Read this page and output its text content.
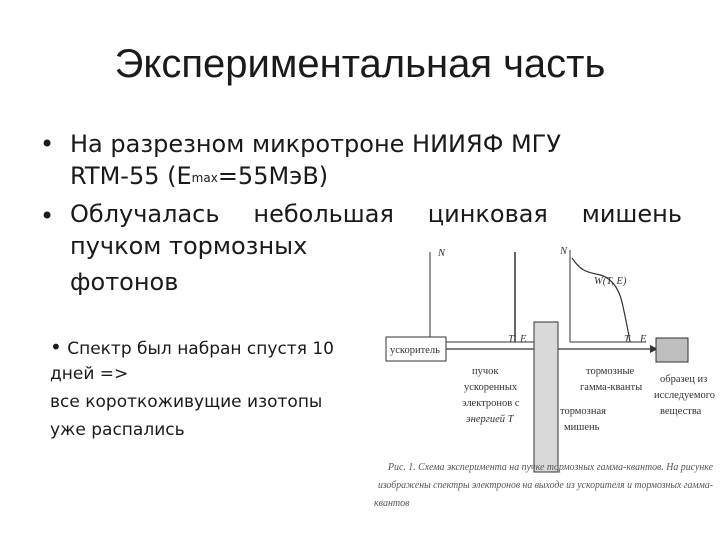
Экспериментальная часть
• На разрезном микротроне НИИЯФ МГУ
RTM-55 $(E_{max}=55МэВ)$
• Облучалась небольшая цинковая мишень
пучком тормозных
фотонов
• Спектр был набран спустя 10
дней =>
все короткоживущие изотопы
уже распались
N
T E
N
T E
W(T, E)
ускоритель
пучок
ускоренных
электронов с
энергией T
тормозная
мишень
тормозные
гамма-кванты
образец из
исследуемого
вещества
Рис. 1. Схема эксперимента на пучке тормозных гамма-квантов. На рисунке
изображены спектры электронов на выходе из ускорителя и тормозных гамма-
квантов
